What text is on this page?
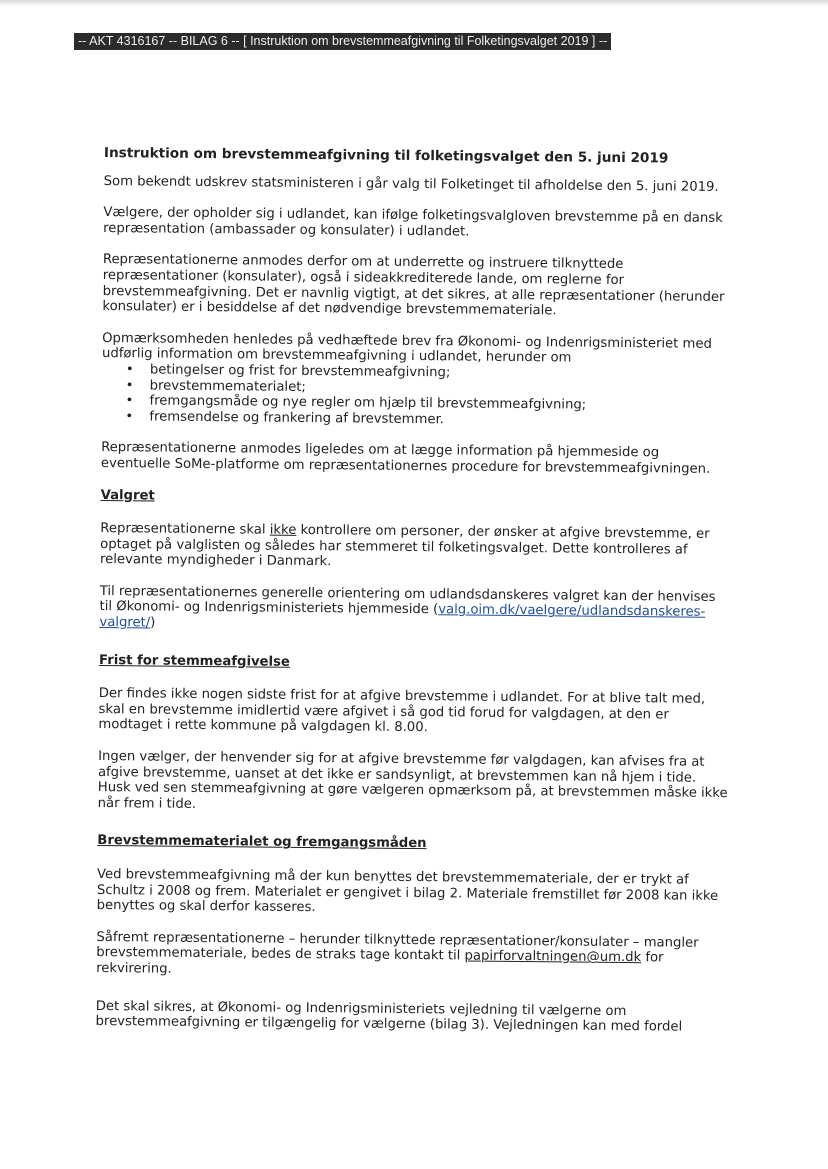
-- AKT 4316167 -- BILAG 6 -- [ Instruktion om brevstemmeafgivning til Folketingsvalget 2019 ] --
Instruktion om brevstemmeafgivning til folketingsvalget den 5. juni 2019

Som bekendt udskrev statsministeren i går valg til Folketinget til afholdelse den 5. juni 2019.

Vælgere, der opholder sig i udlandet, kan ifølge folketingsvalgloven brevstemme på en dansk repræsentation (ambassader og konsulater) i udlandet.

Repræsentationerne anmodes derfor om at underrette og instruere tilknyttede repræsentationer (konsulater), også i sideakkrediterede lande, om reglerne for brevstemmeafgivning. Det er navnlig vigtigt, at det sikres, at alle repræsentationer (herunder konsulater) er i besiddelse af det nødvendige brevstemmemateriale.

Opmærksomheden henledes på vedhæftede brev fra Økonomi- og Indenrigsministeriet med udførlig information om brevstemmeafgivning i udlandet, herunder om

• betingelser og frist for brevstemmeafgivning;
• brevstemmematerialet;
• fremgangsmåde og nye regler om hjælp til brevstemmeafgivning;
• fremsendelse og frankering af brevstemmer.

Repræsentationerne anmodes ligeledes om at lægge information på hjemmeside og eventuelle SoMe-platforme om repræsentationernes procedure for brevstemmeafgivningen.

Valgret

Repræsentationerne skal ikke kontrollere om personer, der ønsker at afgive brevstemme, er optaget på valglisten og således har stemmeret til folketingsvalget. Dette kontrolleres af relevante myndigheder i Danmark.

Til repræsentationernes generelle orientering om udlandsdanskeres valgret kan der henvises til Økonomi- og Indenrigsministeriets hjemmeside (valg.oim.dk/vaelgere/udlandsdanskeres-valgret/)

Frist for stemmeafgivelse

Der findes ikke nogen sidste frist for at afgive brevstemme i udlandet. For at blive talt med, skal en brevstemme imidlertid være afgivet i så god tid forud for valgdagen, at den er modtaget i rette kommune på valgdagen kl. 8.00.

Ingen vælger, der henvender sig for at afgive brevstemme før valgdagen, kan afvises fra at afgive brevstemme, uanset at det ikke er sandsynligt, at brevstemmen kan nå hjem i tide. Husk ved sen stemmeafgivning at gøre vælgeren opmærksom på, at brevstemmen måske ikke når frem i tide.

Brevstemmematerialet og fremgangsmåden

Ved brevstemmeafgivning må der kun benyttes det brevstemmemateriale, der er trykt af Schultz i 2008 og frem. Materialet er gengivet i bilag 2. Materiale fremstillet før 2008 kan ikke benyttes og skal derfor kasseres.

Såfremt repræsentationerne – herunder tilknyttede repræsentationer/konsulater – mangler brevstemmemateriale, bedes de straks tage kontakt til papirforvaltningen@um.dk for rekvirering.

Det skal sikres, at Økonomi- og Indenrigsministeriets vejledning til vælgerne om brevstemmeafgivning er tilgængelig for vælgerne (bilag 3). Vejledningen kan med fordel
